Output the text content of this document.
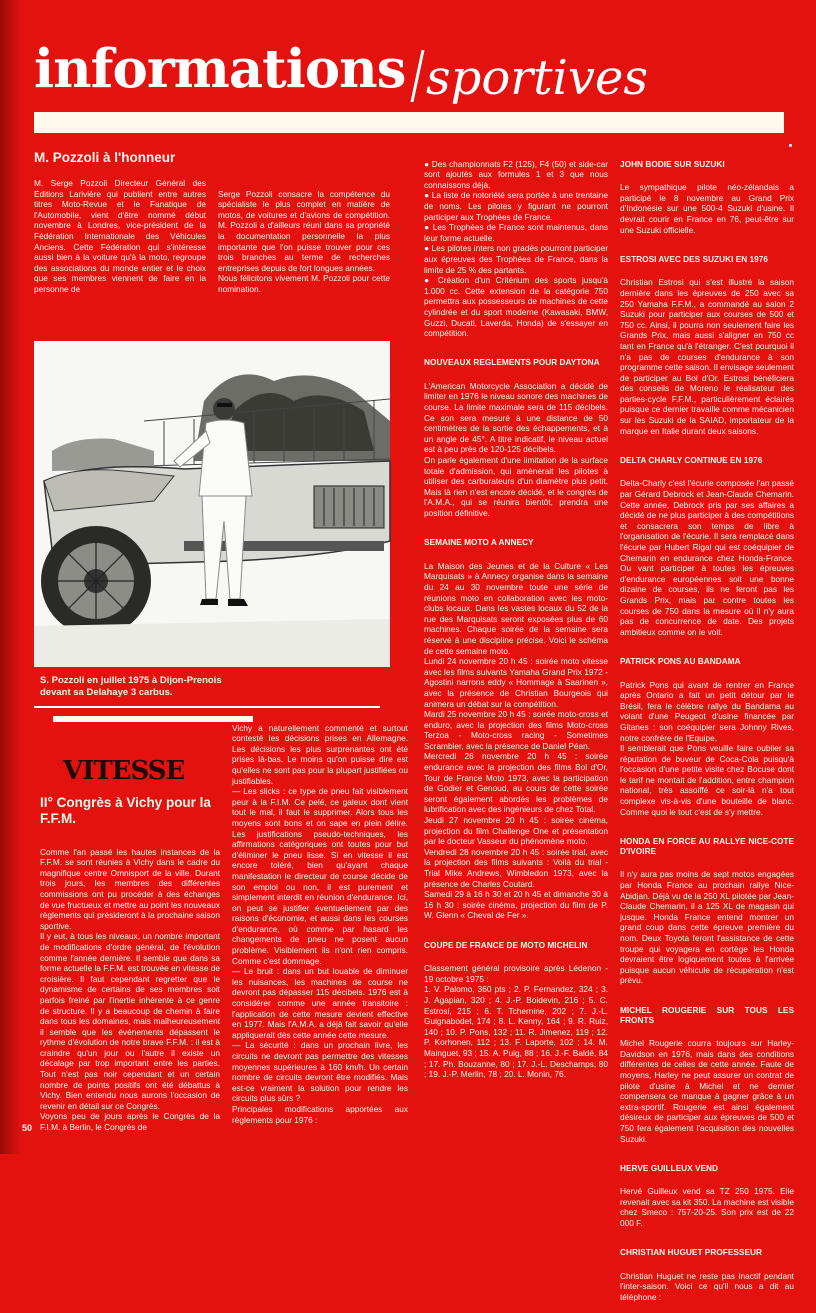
informations sportives
M. Pozzoli à l'honneur

M. Serge Pozzoli Directeur Général des Editions Larivière qui publient entre autres titres Moto-Revue et le Fanatique de l'Automobile, vient d'être nommé début novembre à Londres, vice-président de la Fédération Internationale des Véhicules Anciens. Cette Fédération qui s'intéresse aussi bien à la voiture qu'à la moto, regroupe des associations du monde entier et le choix que ses membres viennent de faire en la personne de

Serge Pozzoli consacre la compétence du spécialiste le plus complet en matière de motos, de voitures et d'avions de compétition. M. Pozzoli a d'ailleurs réuni dans sa propriété la documentation personnelle la plus importante que l'on puisse trouver pour ces trois branches au terme de recherches entreprises depuis de fort longues années.
Nous félicitons vivement M. Pozzoli pour cette nomination.

S. Pozzoli en juillet 1975 à Dijon-Prenois
devant sa Delahaye 3 carbus.
VITESSE
II° Congrès à Vichy pour la F.F.M.

Comme l'an passé les hautes instances de la F.F.M. se sont réunies à Vichy dans le cadre du magnifique centre Omnisport de la ville. Durant trois jours, les membres des différentes commissions ont pu procéder à des échanges de vue fructueux et mettre au point les nouveaux règlements qui présideront à la prochaine saison sportive.
Il y eut, à tous les niveaux, un nombre important de modifications d'ordre général, de l'évolution comme l'année dernière. Il semble que dans sa forme actuelle la F.F.M. est trouvée en vitesse de croisière. Il faut cependant regretter que le dynamisme de certains de ses membres soit parfois freiné par l'inertie inhérente à ce genre de structure. Il y a beaucoup de chemin à faire dans tous les domaines, mais malheureusement il semble que les événements dépassent le rythme d'évolution de notre brave F.F.M. : il est à craindre qu'un jour ou l'autre il existe un décalage par trop important entre les parties. Tout n'est pas noir cependant et un certain nombre de points positifs ont été débattus à Vichy. Bien entendu nous aurons l'occasion de revenir en détail sur ce Congrès.
Voyons peu de jours après le Congrès de la F.I.M. à Berlin, le Congrès de

Vichy a naturellement commenté et surtout contesté les décisions prises en Allemagne. Les décisions les plus surprenantes ont été prises là-bas. Le moins qu'on puisse dire est qu'elles ne sont pas pour la plupart justifiées ou justifiables.
— Les slicks : ce type de pneu fait visiblement peur à la F.I.M. Ce pelé, ce galeux dont vient tout le mal, il faut le supprimer. Alors tous les moyens sont bons et on sape en plein délire. Les justifications pseudo-techniques, les affirmations catégoriques ont toutes pour but d'éliminer le pneu lisse. Si en vitesse il est encore toléré, bien qu'ayant chaque manifestation le directeur de course décide de son emploi ou non, il est purement et simplement interdit en réunion d'endurance. Ici, on peut se justifier éventuellement par des raisons d'économie, et aussi dans les courses d'endurance, où comme par hasard les changements de pneu ne posent aucun problème. Visiblement ils n'ont rien compris. Comme c'est dommage.
— Le bruit : dans un but louable de diminuer les nuisances, les machines de course ne devront pas dépasser 115 décibels. 1976 est à considérer comme une année transitoire : l'application de cette mesure devient effective en 1977. Mais l'A.M.A. a déjà fait savoir qu'elle appliquerait dès cette année cette mesure.
— La sécurité : dans un prochain livre, les circuits ne devront pas permettre des vitesses moyennes supérieures à 160 km/h. Un certain nombre de circuits devront être modifiés. Mais est-ce vraiment la solution pour rendre les circuits plus sûrs ?
Principales modifications apportées aux règlements pour 1976 :

● Des championnats F2 (125), F4 (50) et side-car sont ajoutés aux formules 1 et 3 que nous connaissons déjà.
● La liste de notoriété sera portée à une trentaine de noms. Les pilotes y figurant ne pourront participer aux Trophées de France.
● Les Trophées de France sont maintenus, dans leur forme actuelle.
● Les pilotes inters non gradés pourront participer aux épreuves des Trophées de France, dans la limite de 25 % des partants.
● Création d'un Critérium des sports jusqu'à 1.000 cc. Cette extension de la catégorie 750 permettra aux possesseurs de machines de cette cylindrée et du sport moderne (Kawasaki, BMW, Guzzi, Ducati, Laverda, Honda) de s'essayer en compétition.

NOUVEAUX REGLEMENTS POUR DAYTONA

L'American Motorcycle Association a décidé de limiter en 1976 le niveau sonore des machines de course. La limite maximale sera de 115 décibels. Ce son sera mesuré à une distance de 50 centimètres de la sortie des échappements, et à un angle de 45°. A titre indicatif, le niveau actuel est à peu près de 120-125 décibels.
On parle également d'une limitation de la surface totale d'admission, qui amènerait les pilotes à utiliser des carburateurs d'un diamètre plus petit. Mais là rien n'est encore décidé, et le congrès de l'A.M.A., qui se réunira bientôt, prendra une position définitive.

SEMAINE MOTO A ANNECY

La Maison des Jeunes et de la Culture « Les Marquisats » à Annecy organise dans la semaine du 24 au 30 novembre toute une série de réunions moto en collaboration avec les moto-clubs locaux. Dans les vastes locaux du 52 de la rue des Marquisats seront exposées plus de 60 machines. Chaque soirée de la semaine sera réservé à une discipline précise. Voici le schéma de cette semaine moto.
Lundi 24 novembre 20 h 45 : soirée moto vitesse avec les films suivants Yamaha Grand Prix 1972 - Agostini narrons eddy « Hommage à Saarinen », avec la présence de Christian Bourgeois qui animera un débat sur la compétition.
Mardi 25 novembre 20 h 45 : soirée moto-cross et enduro, avec la projection des films Moto-cross Terzoa - Moto-cross racing - Sometimes Scrambler, avec la présence de Daniel Péan.
Mercredi 26 novembre 20 h 45 : soirée endurance avec la projection des films Bol d'Or, Tour de France Moto 1973, avec la participation de Godier et Genoud, au cours de cette soirée seront également abordés les problèmes de lubrification avec des ingénieurs de chez Total.
Jeudi 27 novembre 20 h 45 : soirée cinéma, projection du film Challenge One et présentation par le docteur Vasseur du phénomène moto.
Vendredi 28 novembre 20 h 45 : soirée trial, avec la projection des films suivants : Voilà du trial - Trial Mike Andrews, Wimbledon 1973, avec la présence de Charles Coutard.
Samedi 29 à 16 h 30 et 20 h 45 et dimanche 30 à 16 h 30 : soirée cinéma, projection du film de P. W. Glenn « Cheval de Fer ».

COUPE DE FRANCE DE MOTO MICHELIN

Classement général provisoire après Lédenon - 19 octobre 1975 :
1. V. Palomo, 360 pts ; 2. P. Fernandez, 324 ; 3. J. Agapian, 320 ; 4. J.-P. Boidevin, 216 ; 5. C. Estrosi, 215 ; 6. T. Tchernine, 202 ; 7. J.-L. Guignabodet, 174 ; 8. L. Kenny, 164 ; 9. R. Ruiz, 140 ; 10. P. Pons, 132 ; 11. R. Jimenez, 119 ; 12. P. Korhonen, 112 ; 13. F. Laporte, 102 ; 14. M. Mainguet, 93 ; 15. A. Puig, 88 ; 16. J.-F. Baldé, 84 ; 17. Ph. Bouzanne, 80 ; 17. J.-L. Deschamps, 80 ; 19. J.-P. Merlin, 78 ; 20. L. Monin, 76.

JOHN BODIE SUR SUZUKI

Le sympathique pilote néo-zélandais a participé le 8 novembre au Grand Prix d'Indonésie sur une 500-4 Suzuki d'usine. Il devrait courir en France en 76, peut-être sur une Suzuki officielle.

ESTROSI AVEC DES SUZUKI EN 1976

Christian Estrosi qui s'est illustré la saison dernière dans les épreuves de 250 avec sa 250 Yamaha F.F.M., a commandé au salon 2 Suzuki pour participer aux courses de 500 et 750 cc. Ainsi, il pourra non seulement faire les Grands Prix, mais aussi s'aligner en 750 cc tant en France qu'à l'étranger. C'est pourquoi il n'a pas de courses d'endurance à son programme cette saison. Il envisage seulement de participer au Bol d'Or. Estrosi bénéficiera des conseils de Moreno le réalisateur des parties-cycle F.F.M., particulièrement éclairés puisque ce dernier travaille comme mécanicien sur les Suzuki de la SAIAD, importateur de la marque en Italie durant deux saisons.

DELTA CHARLY CONTINUE EN 1976

Delta-Charly c'est l'écurie composée l'an passé par Gérard Debrock et Jean-Claude Chemarin. Cette année, Debrock pris par ses affaires a décidé de ne plus participer à des compétitions et consacrera son temps de libre à l'organisation de l'écurie. Il sera remplacé dans l'écurie par Hubert Rigal qui est coéquipier de Chemarin en endurance chez Honda-France. Ou vant participer à toutes les épreuves d'endurance européennes soit une bonne dizaine de courses, ils ne feront pas les Grands Prix, mais par contre toutes les courses de 750 dans la mesure où il n'y aura pas de concurrence de date. Des projets ambitieux comme on le voit.

PATRICK PONS AU BANDAMA

Patrick Pons qui avant de rentrer en France après Ontario a fait un petit détour par le Brésil, fera le célèbre rallye du Bandama au volant d'une Peugeot d'usine financée par Gitanes : son coéquipier sera Johnny Rives, notre confrère de l'Equipe.
Il semblerait que Pons veuille faire oublier sa réputation de buveur de Coca-Cola puisqu'à l'occasion d'une petite visite chez Bocuse dont le tarif ne montait de l'addition, entre champion national, très assoiffé ce soir-là n'a tout complexe vis-à-vis d'une bouteille de blanc. Comme quoi le tout c'est de s'y mettre.

HONDA EN FORCE AU RALLYE NICE-COTE D'IVOIRE

Il n'y aura pas moins de sept motos engagées par Honda France au prochain rallye Nice-Abidjan. Déjà vu de la 250 XL pilotée par Jean-Claude Chemarin, il a 125 XL de magasin qui jusque. Honda France entend montrer un grand coup dans cette épreuve première du nom. Deux Toyota feront l'assistance de cette troupe qui voyagera en cortège les Honda devraient être logiquement toutes à l'arrivée puisque aucun véhicule de récupération n'est prévu.

MICHEL ROUGERIE SUR TOUS LES FRONTS

Michel Rougerie courra toujours sur Harley-Davidson en 1976, mais dans des conditions différentes de celles de cette année. Faute de moyens, Harley ne peut assurer un contrat de pilote d'usine à Michel et ne dernier compensera ce manque à gagner grâce à un extra-sportif. Rougerie est ainsi également désireux de participer aux épreuves de 500 et 750 fera également l'acquisition des nouvelles Suzuki.

HERVE GUILLEUX VEND

Hervé Guilleux vend sa TZ 250 1975. Elle revenait avec sa kit 350. La machine est visible chez Smeco : 757-20-25. Son prix est de 22 000 F.

CHRISTIAN HUGUET PROFESSEUR

Christian Huguet ne reste pas inactif pendant l'inter-saison. Voici ce qu'il nous a dit au téléphone :

50
